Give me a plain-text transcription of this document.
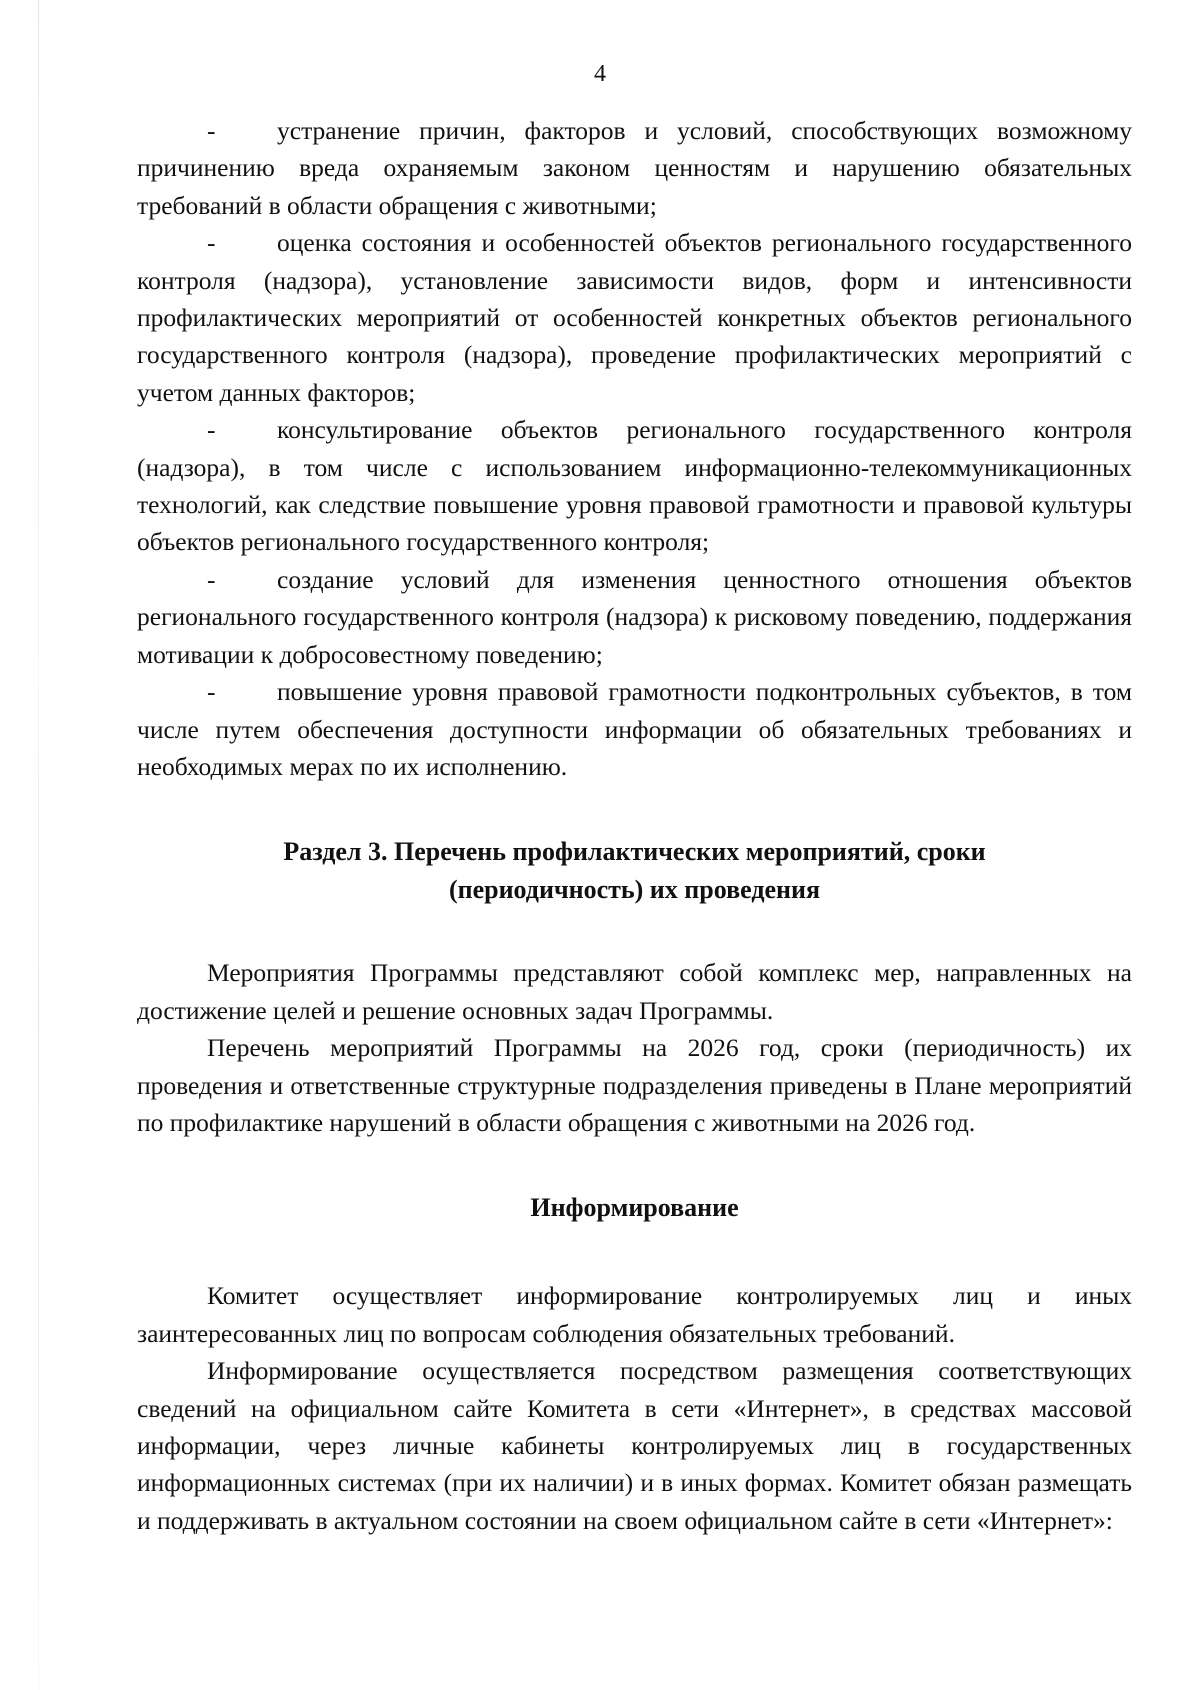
4

- устранение причин, факторов и условий, способствующих возможному причинению вреда охраняемым законом ценностям и нарушению обязательных требований в области обращения с животными;

- оценка состояния и особенностей объектов регионального государственного контроля (надзора), установление зависимости видов, форм и интенсивности профилактических мероприятий от особенностей конкретных объектов регионального государственного контроля (надзора), проведение профилактических мероприятий с учетом данных факторов;

- консультирование объектов регионального государственного контроля (надзора), в том числе с использованием информационно-телекоммуникационных технологий, как следствие повышение уровня правовой грамотности и правовой культуры объектов регионального государственного контроля;

- создание условий для изменения ценностного отношения объектов регионального государственного контроля (надзора) к рисковому поведению, поддержания мотивации к добросовестному поведению;

- повышение уровня правовой грамотности подконтрольных субъектов, в том числе путем обеспечения доступности информации об обязательных требованиях и необходимых мерах по их исполнению.

Раздел 3. Перечень профилактических мероприятий, сроки
(периодичность) их проведения

Мероприятия Программы представляют собой комплекс мер, направленных на достижение целей и решение основных задач Программы.

Перечень мероприятий Программы на 2026 год, сроки (периодичность) их проведения и ответственные структурные подразделения приведены в Плане мероприятий по профилактике нарушений в области обращения с животными на 2026 год.

Информирование

Комитет осуществляет информирование контролируемых лиц и иных заинтересованных лиц по вопросам соблюдения обязательных требований.

Информирование осуществляется посредством размещения соответствующих сведений на официальном сайте Комитета в сети «Интернет», в средствах массовой информации, через личные кабинеты контролируемых лиц в государственных информационных системах (при их наличии) и в иных формах. Комитет обязан размещать и поддерживать в актуальном состоянии на своем официальном сайте в сети «Интернет»:
